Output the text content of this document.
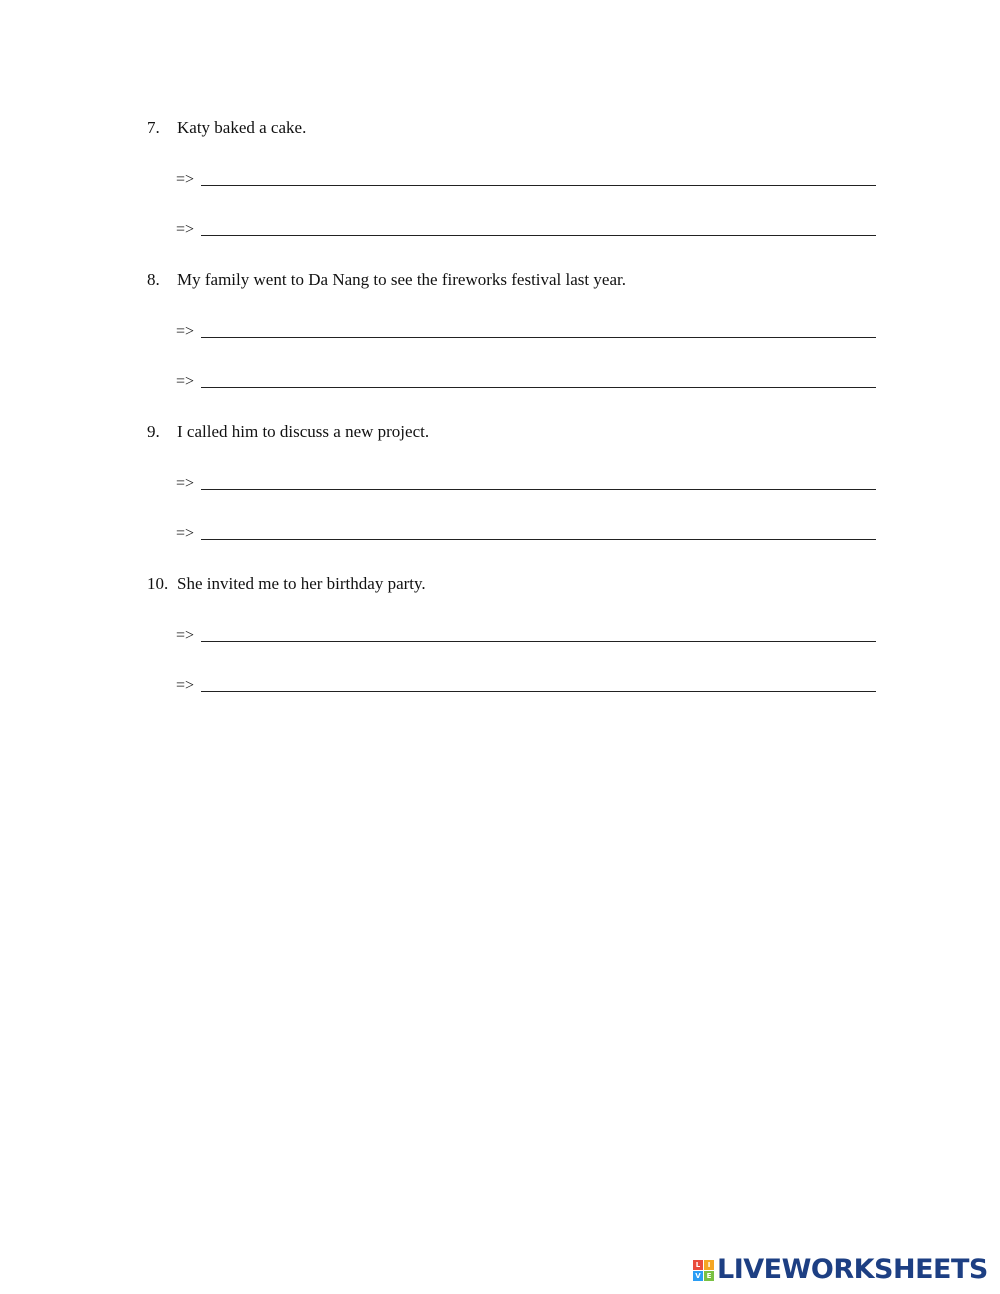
7. Katy baked a cake.
=>
=>
8. My family went to Da Nang to see the fireworks festival last year.
=>
=>
9. I called him to discuss a new project.
=>
=>
10. She invited me to her birthday party.
=>
=>
L	I
V E LIVEWORKSHEETS
